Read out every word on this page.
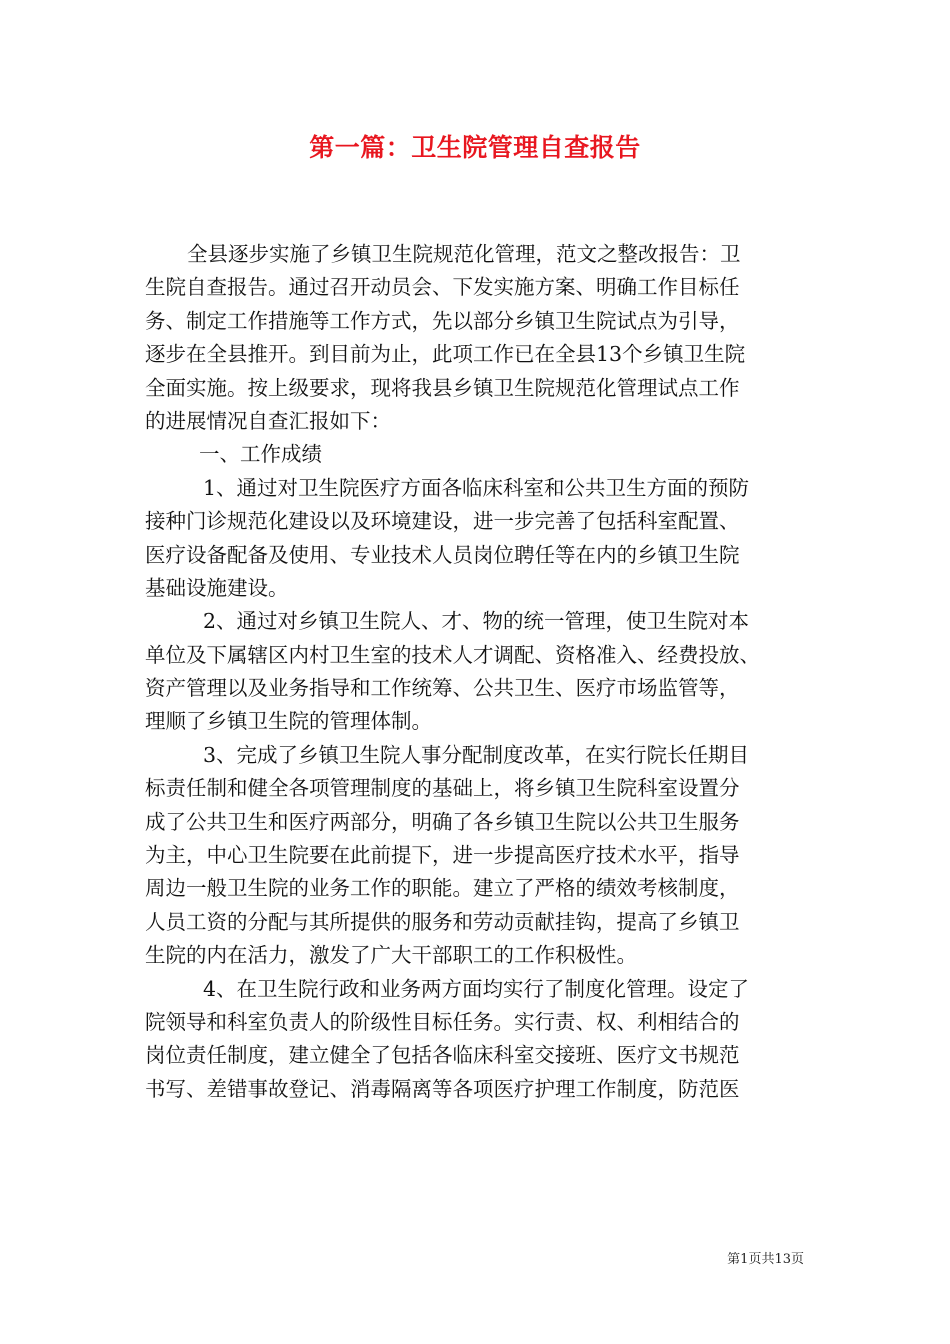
第一篇：卫生院管理自查报告
全县逐步实施了乡镇卫生院规范化管理，范文之整改报告：卫
生院自查报告。通过召开动员会、下发实施方案、明确工作目标任
务、制定工作措施等工作方式，先以部分乡镇卫生院试点为引导，
逐步在全县推开。到目前为止，此项工作已在全县13个乡镇卫生院
全面实施。按上级要求，现将我县乡镇卫生院规范化管理试点工作
的进展情况自查汇报如下：
一、工作成绩
1、通过对卫生院医疗方面各临床科室和公共卫生方面的预防
接种门诊规范化建设以及环境建设，进一步完善了包括科室配置、
医疗设备配备及使用、专业技术人员岗位聘任等在内的乡镇卫生院
基础设施建设。
2、通过对乡镇卫生院人、才、物的统一管理，使卫生院对本
单位及下属辖区内村卫生室的技术人才调配、资格准入、经费投放、
资产管理以及业务指导和工作统筹、公共卫生、医疗市场监管等，
理顺了乡镇卫生院的管理体制。
3、完成了乡镇卫生院人事分配制度改革，在实行院长任期目
标责任制和健全各项管理制度的基础上，将乡镇卫生院科室设置分
成了公共卫生和医疗两部分，明确了各乡镇卫生院以公共卫生服务
为主，中心卫生院要在此前提下，进一步提高医疗技术水平，指导
周边一般卫生院的业务工作的职能。建立了严格的绩效考核制度，
人员工资的分配与其所提供的服务和劳动贡献挂钩，提高了乡镇卫
生院的内在活力，激发了广大干部职工的工作积极性。
4、在卫生院行政和业务两方面均实行了制度化管理。设定了
院领导和科室负责人的阶级性目标任务。实行责、权、利相结合的
岗位责任制度，建立健全了包括各临床科室交接班、医疗文书规范
书写、差错事故登记、消毒隔离等各项医疗护理工作制度，防范医
第1页共13页
